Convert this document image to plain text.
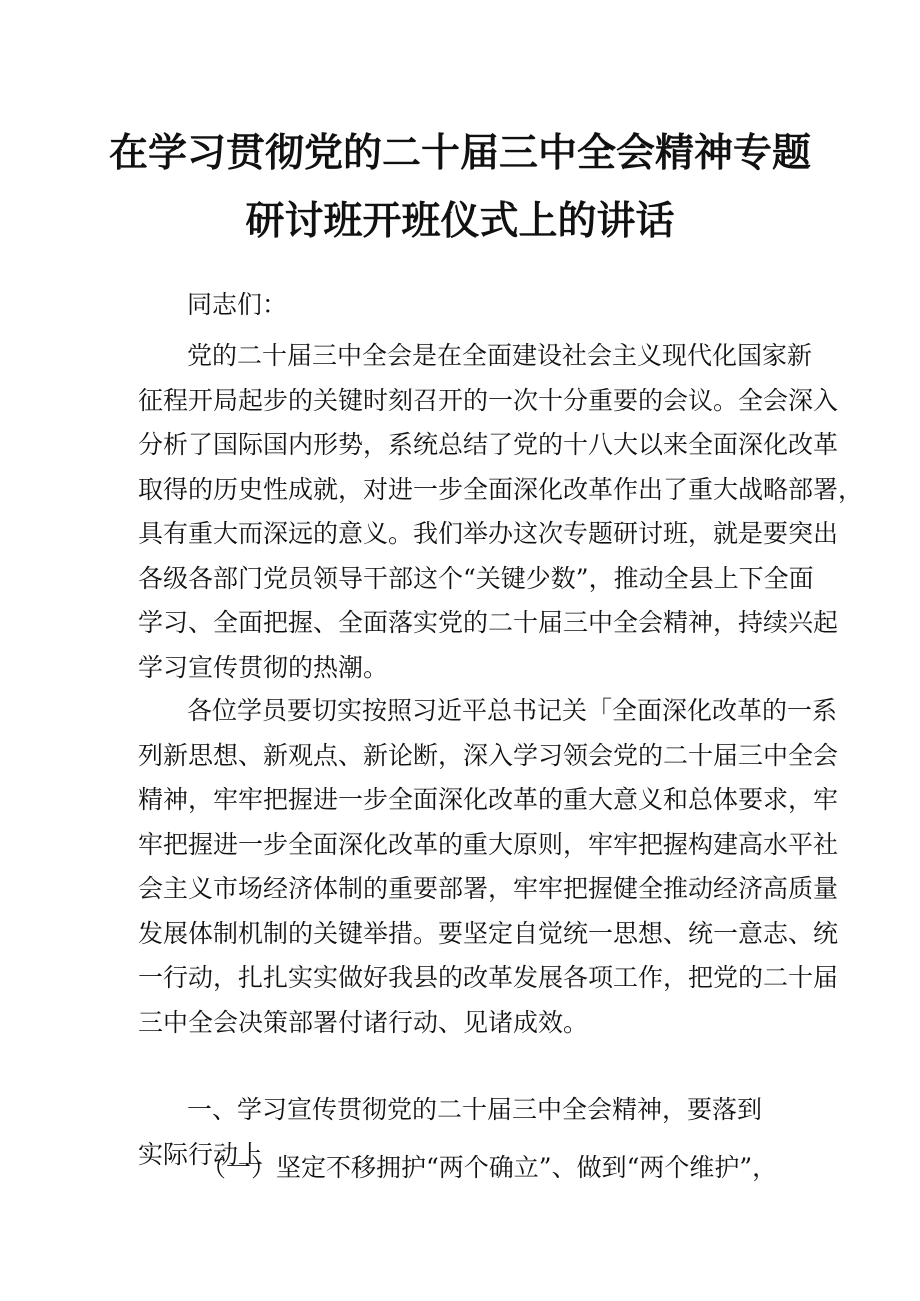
在学习贯彻党的二十届三中全会精神专题
研讨班开班仪式上的讲话
同志们：
党的二十届三中全会是在全面建设社会主义现代化国家新
征程开局起步的关键时刻召开的一次十分重要的会议。全会深入
分析了国际国内形势，系统总结了党的十八大以来全面深化改革
取得的历史性成就，对进一步全面深化改革作出了重大战略部署，
具有重大而深远的意义。我们举办这次专题研讨班，就是要突出
各级各部门党员领导干部这个“关键少数”，推动全县上下全面
学习、全面把握、全面落实党的二十届三中全会精神，持续兴起
学习宣传贯彻的热潮。
各位学员要切实按照习近平总书记关「全面深化改革的一系
列新思想、新观点、新论断，深入学习领会党的二十届三中全会
精神，牢牢把握进一步全面深化改革的重大意义和总体要求，牢
牢把握进一步全面深化改革的重大原则，牢牢把握构建高水平社
会主义市场经济体制的重要部署，牢牢把握健全推动经济高质量
发展体制机制的关键举措。要坚定自觉统一思想、统一意志、统
一行动，扎扎实实做好我县的改革发展各项工作，把党的二十届
三中全会决策部署付诸行动、见诸成效。
一、学习宣传贯彻党的二十届三中全会精神，要落到
实际行动上
（一）坚定不移拥护“两个确立”、做到“两个维护”，
